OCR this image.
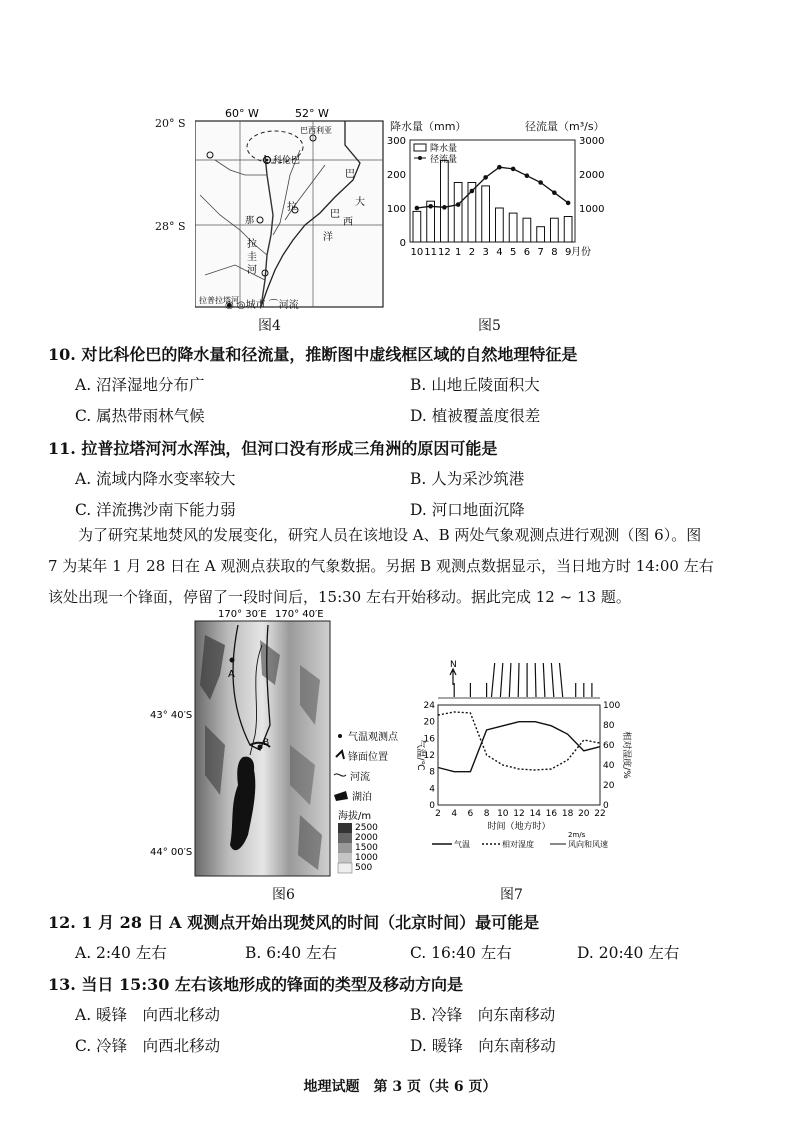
60° W	52° W
巴西利亚
科伦巴
巴
拉
那
巴
西
洋
大
拉
圭
河
拉普拉塔河
20° S
28° S
◉ ◎城市 ⌒河流
图4
降水量（mm）	径流量（m³/s）
0
100
200
300
1000
2000
3000
10 11 12 1 2 3 4 5 6 7 8 9 月份
降水量
径流量
图5
10. 对比科伦巴的降水量和径流量，推断图中虚线框区域的自然地理特征是
A. 沼泽湿地分布广	B. 山地丘陵面积大
C. 属热带雨林气候	D. 植被覆盖度很差
11. 拉普拉塔河河水浑浊，但河口没有形成三角洲的原因可能是
A. 流域内降水变率较大	B. 人为采沙筑港
C. 洋流携沙南下能力弱	D. 河口地面沉降
为了研究某地焚风的发展变化，研究人员在该地设 A、B 两处气象观测点进行观测（图 6）。图
7 为某年 1 月 28 日在 A 观测点获取的气象数据。另据 B 观测点数据显示，当日地方时 14:00 左右
该处出现一个锋面，停留了一段时间后，15:30 左右开始移动。据此完成 12 ~ 13 题。
170° 30′E 170° 40′E
A
B
43° 40′S
44° 00′S
气温观测点
锋面位置
河流
湖泊
海拔/m
2500
2000
1500
1000
500
图6
N
0
4
8
12
16
20
24
0
20
40
60
80
100
2 4 6 8 10 12 14 16 18 20 22
气温/℃	相对湿度/%
时间（地方时）
气温	相对湿度
2m/s
风向和风速
图7
12. 1 月 28 日 A 观测点开始出现焚风的时间（北京时间）最可能是
A. 2:40 左右	B. 6:40 左右	C. 16:40 左右	D. 20:40 左右
13. 当日 15:30 左右该地形成的锋面的类型及移动方向是
A. 暖锋　向西北移动	B. 冷锋　向东南移动
C. 冷锋　向西北移动	D. 暖锋　向东南移动
地理试题　第 3 页（共 6 页）
